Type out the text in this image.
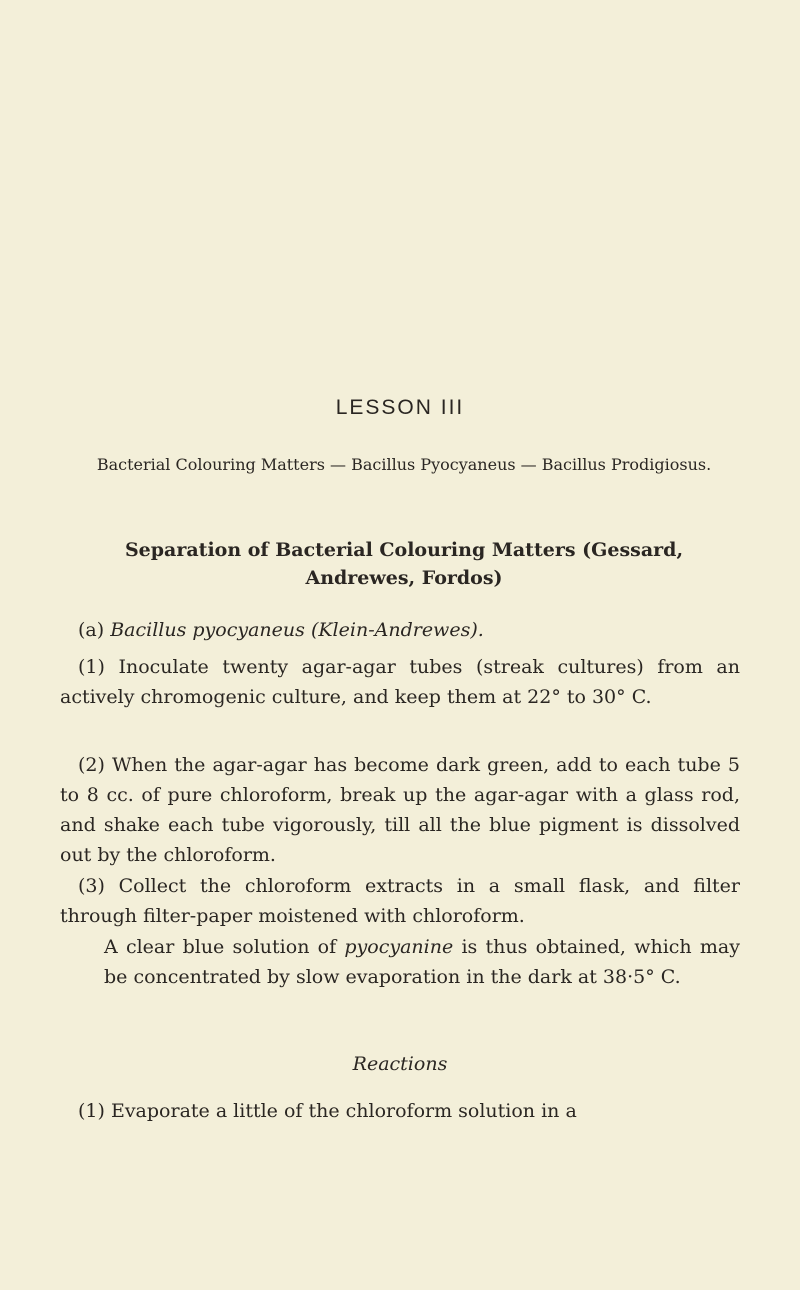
LESSON III

Bacterial Colouring Matters — Bacillus Pyocyaneus — Bacillus Prodigiosus.

Separation of Bacterial Colouring Matters (Gessard, Andrewes, Fordos)

(a) Bacillus pyocyaneus (Klein-Andrewes).

(1) Inoculate twenty agar-agar tubes (streak cultures) from an actively chromogenic culture, and keep them at 22° to 30° C.

(2) When the agar-agar has become dark green, add to each tube 5 to 8 cc. of pure chloroform, break up the agar-agar with a glass rod, and shake each tube vigorously, till all the blue pigment is dissolved out by the chloroform.

(3) Collect the chloroform extracts in a small flask, and filter through filter-paper moistened with chloroform.

A clear blue solution of pyocyanine is thus obtained, which may be concentrated by slow evaporation in the dark at 38·5° C.

Reactions

(1) Evaporate a little of the chloroform solution in a
